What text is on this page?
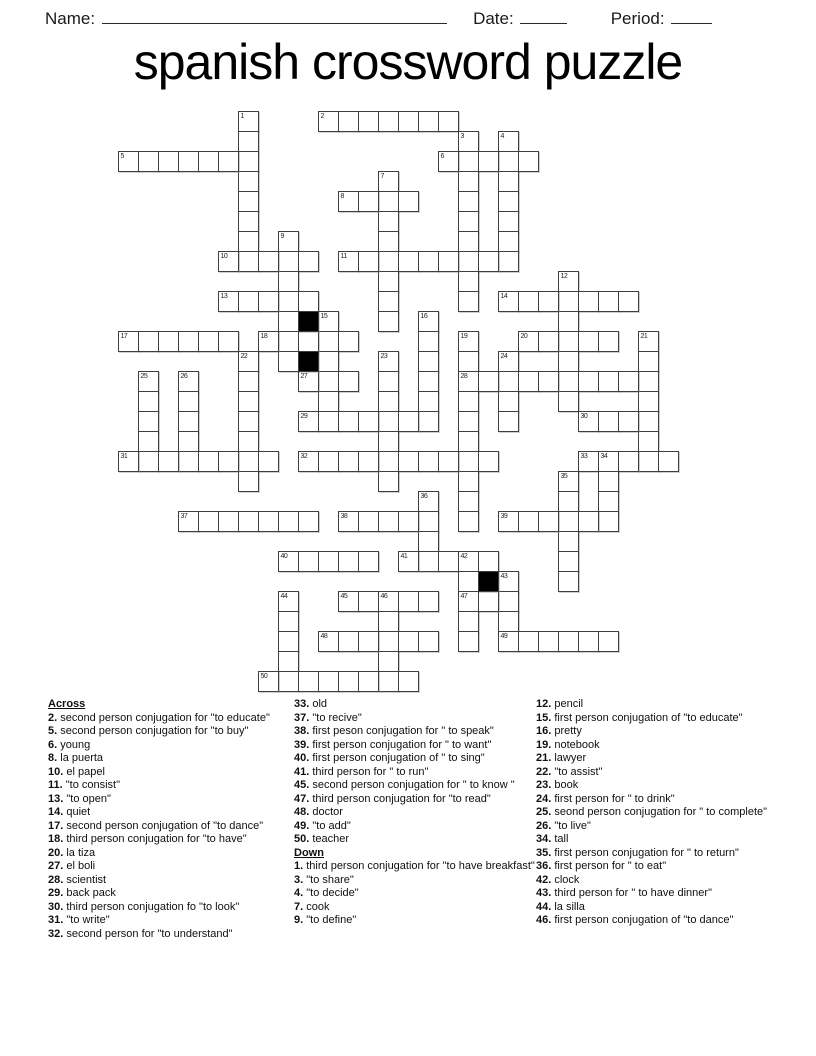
Name:	Date:	Period:
spanish crossword puzzle
1	2
3	4
5	6
7
8
9
10	11
12
13	14
15	16
17	18	19
28
20	21
22	23	24
25	26	27
29	30
31	32	33 34
35
36
37	38	39
40	41	42
47
43
49
44	45	46
48
50
Across
2. second person conjugation for "to educate"
5. second person conjugation for "to buy"
6. young
8. la puerta
10. el papel
11. "to consist"
13. "to open"
14. quiet
17. second person conjugation of "to dance"
18. third person conjugation for "to have"
20. la tiza
27. el boli
28. scientist
29. back pack
30. third person conjugation fo "to look"
31. "to write"
32. second person for "to understand"
33. old
37. "to recive"
38. first peson conjugation for " to speak"
39. first person conjugation for " to want"
40. first person conjugation of " to sing"
41. third person for " to run"
45. second person conjugation for " to know "
47. third person conjugation for "to read"
48. doctor
49. "to add"
50. teacher
Down
1. third person conjugation for "to have breakfast"
3. "to share"
4. "to decide"
7. cook
9. "to define"
12. pencil
15. first person conjugation of "to educate"
16. pretty
19. notebook
21. lawyer
22. "to assist"
23. book
24. first person for " to drink"
25. seond person conjugation for " to complete"
26. "to live"
34. tall
35. first person conjugation for " to return"
36. first person for " to eat"
42. clock
43. third person for " to have dinner"
44. la silla
46. first person conjugation of "to dance"
